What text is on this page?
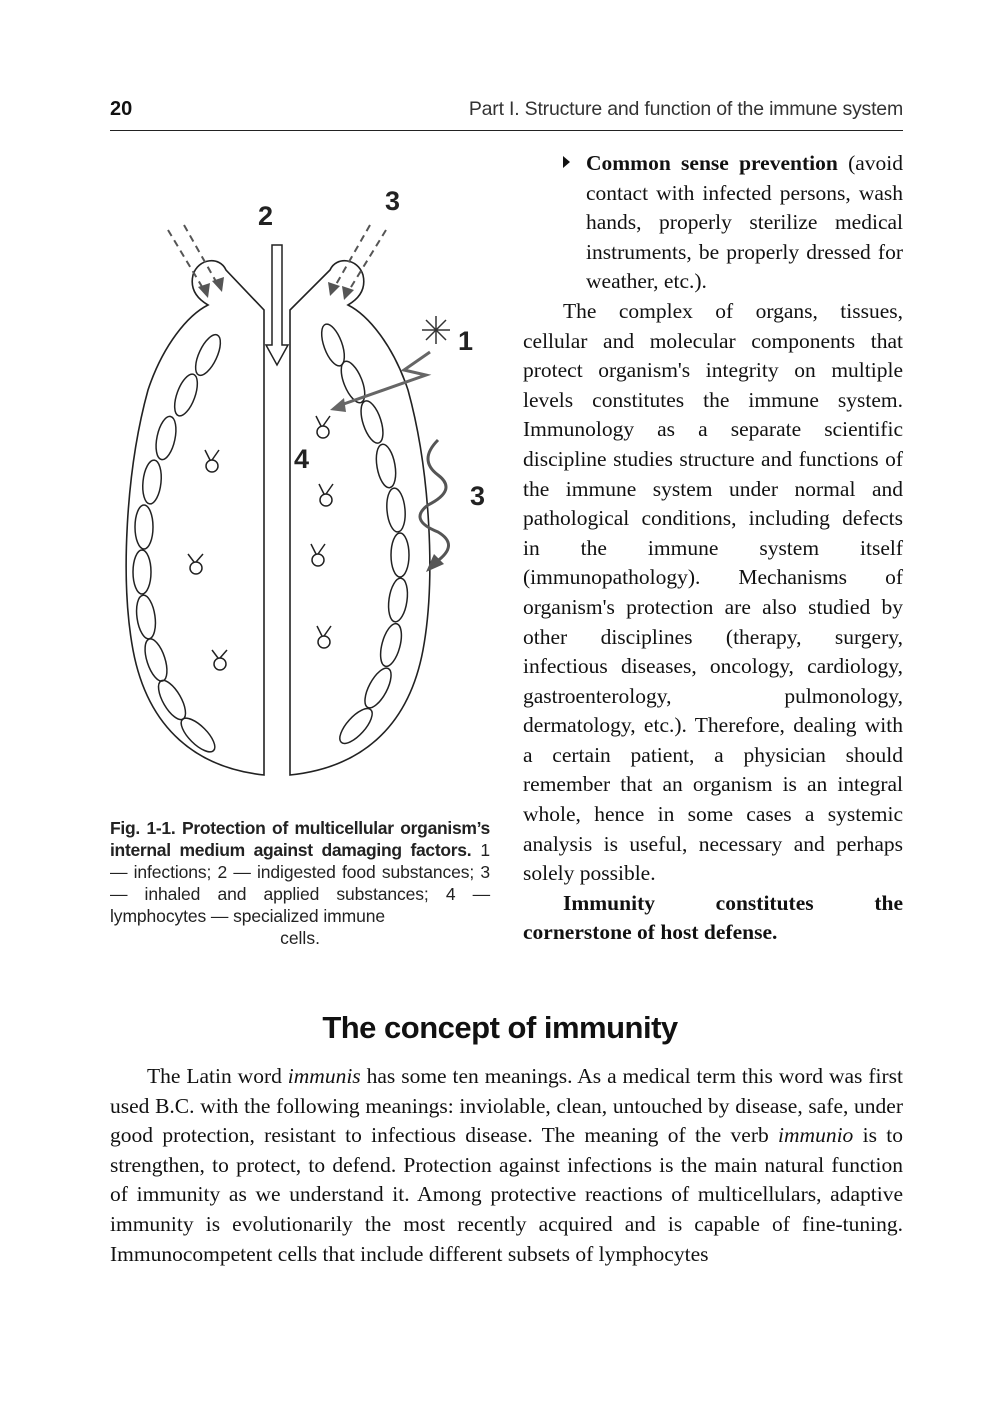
20	Part I. Structure and function of the immune system
2	3
1
4
3
Fig. 1-1. Protection of multicellular organism’s internal medium against damaging factors. 1 — infections; 2 — indigested food substances; 3 — inhaled and applied substances; 4 — lymphocytes — specialized immune
cells.
Common sense prevention (avoid contact with infected persons, wash hands, properly sterilize medical instruments, be properly dressed for weather, etc.).

The complex of organs, tissues, cellular and molecular components that protect organism's integrity on multiple levels constitutes the immune system. Immunology as a separate scientific discipline studies structure and functions of the immune system under normal and pathological conditions, including defects in the immune system itself (immunopathology). Mechanisms of organism's protection are also studied by other disciplines (therapy, surgery, infectious diseases, oncology, cardiology, gastroenterology, pulmonology, dermatology, etc.). Therefore, dealing with a certain patient, a physician should remember that an organism is an integral whole, hence in some cases a systemic analysis is useful, necessary and perhaps solely possible.

Immunity constitutes the cornerstone of host defense.

The concept of immunity

The Latin word immunis has some ten meanings. As a medical term this word was first used B.C. with the following meanings: inviolable, clean, untouched by disease, safe, under good protection, resistant to infectious disease. The meaning of the verb immunio is to strengthen, to protect, to defend. Protection against infections is the main natural function of immunity as we understand it. Among protective reactions of multicellulars, adaptive immunity is evolutionarily the most recently acquired and is capable of fine-tuning. Immunocompetent cells that include different subsets of lymphocytes
